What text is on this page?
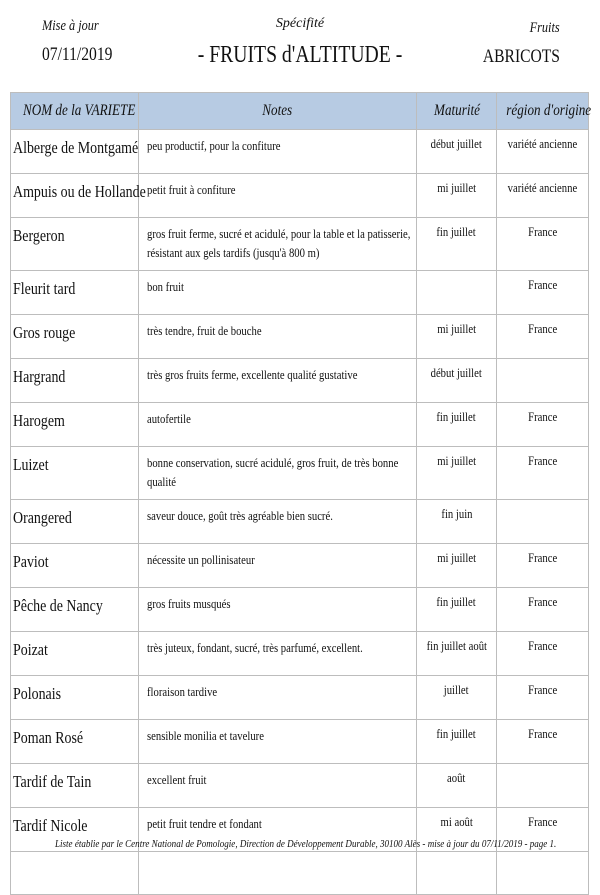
Mise à jour
07/11/2019
Spécifité
- FRUITS d'ALTITUDE -
Fruits
ABRICOTS
NOM de la VARIETE	Notes	Maturité	région d'origine
Alberge de Montgamé	peu productif, pour la confiture	début juillet	variété ancienne
Ampuis ou de Hollande	petit fruit à confiture	mi juillet	variété ancienne
Bergeron	gros fruit ferme, sucré et acidulé, pour la table et la patisserie, résistant aux gels tardifs (jusqu'à 800 m)	fin juillet	France
Fleurit tard	bon fruit		France
Gros rouge	très tendre, fruit de bouche	mi juillet	France
Hargrand	très gros fruits ferme, excellente qualité gustative	début juillet	
Harogem	autofertile	fin juillet	France
Luizet	bonne conservation, sucré acidulé, gros fruit, de très bonne qualité	mi juillet	France
Orangered	saveur douce, goût très agréable bien sucré.	fin juin	
Paviot	nécessite un pollinisateur	mi juillet	France
Pêche de Nancy	gros fruits musqués	fin juillet	France
Poizat	très juteux, fondant, sucré, très parfumé, excellent.	fin juillet août	France
Polonais	floraison tardive	juillet	France
Poman Rosé	sensible monilia et tavelure	fin juillet	France
Tardif de Tain	excellent fruit	août	
Tardif Nicole	petit fruit tendre et fondant	mi août	France

Liste établie par le Centre National de Pomologie, Direction de Développement Durable, 30100 Alès - mise à jour du 07/11/2019 - page 1.
